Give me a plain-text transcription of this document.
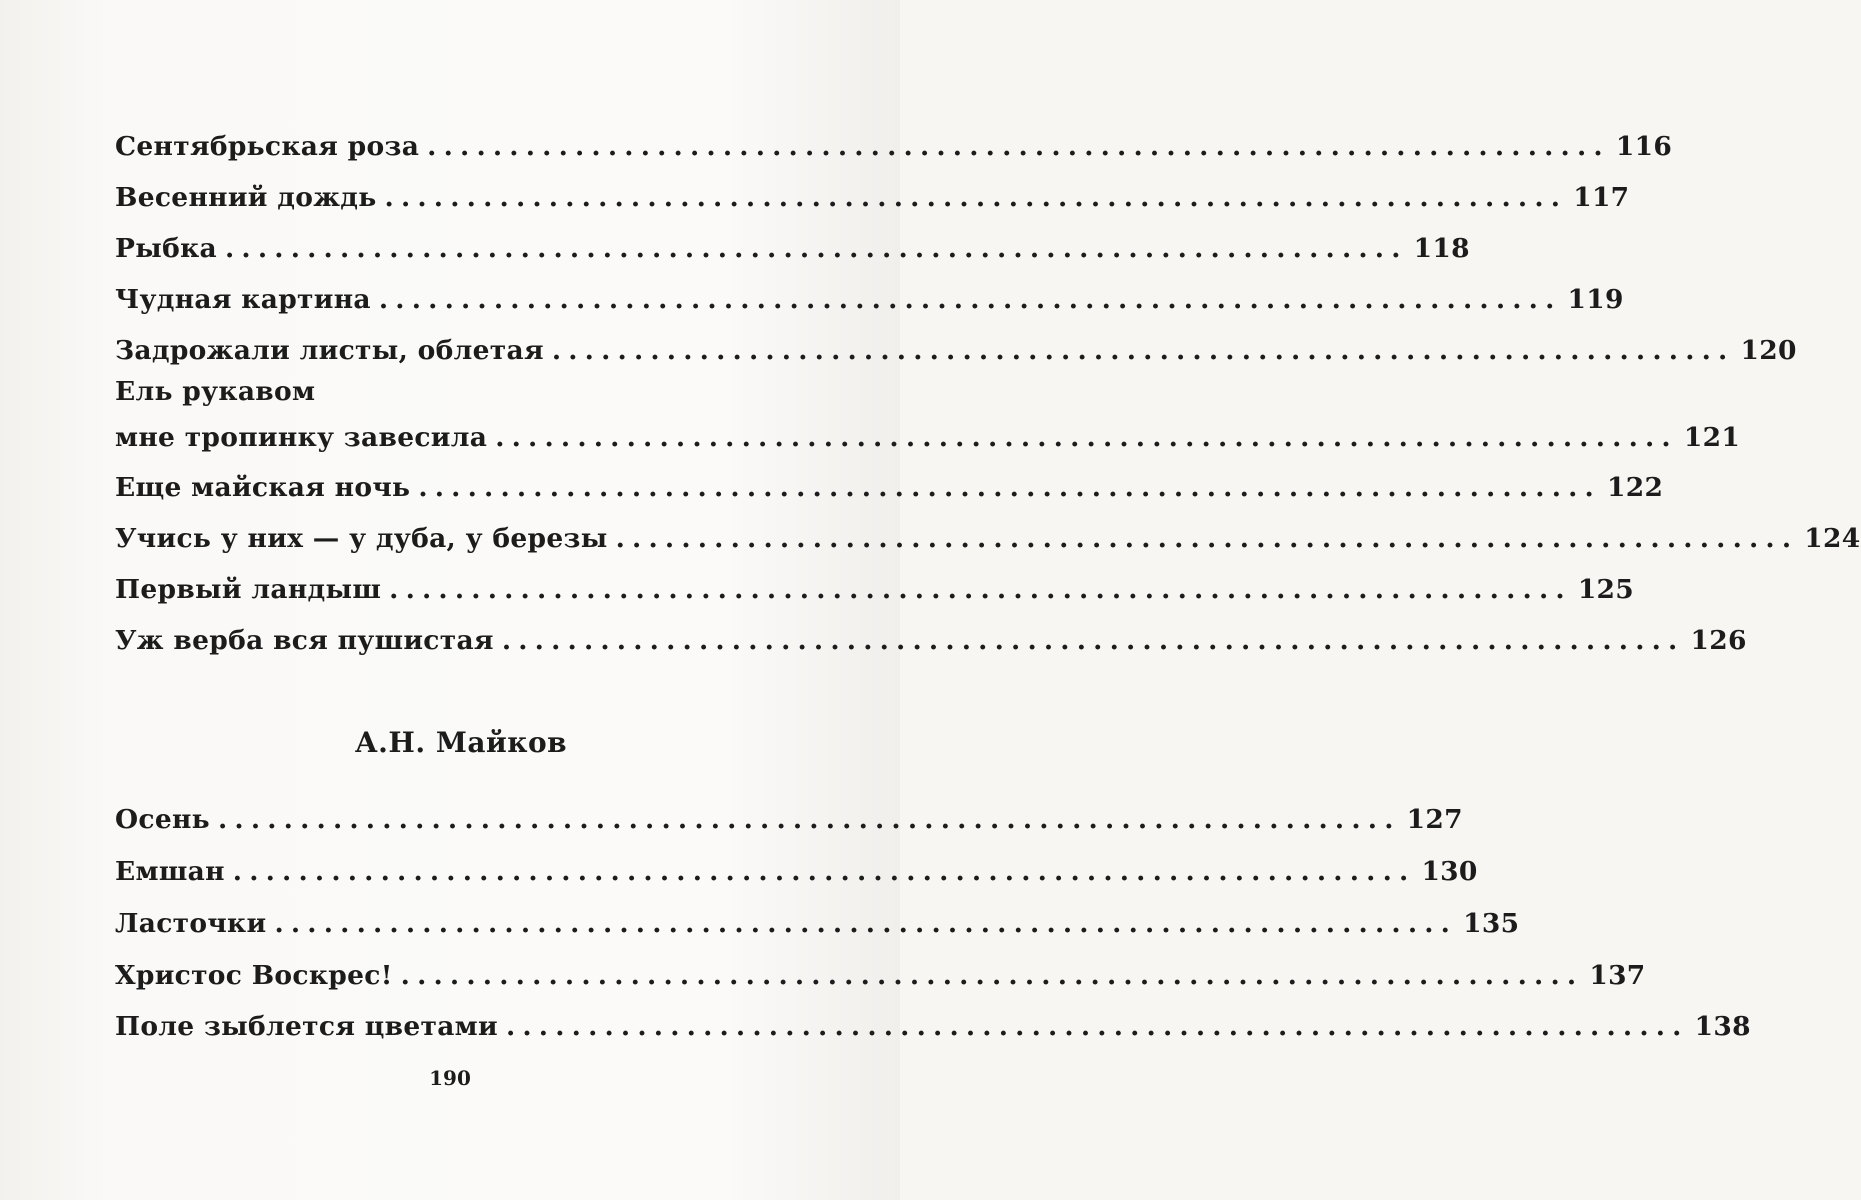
Сентябрьская роза ........................................................................ 116
Весенний дождь ........................................................................ 117
Рыбка ........................................................................ 118
Чудная картина ........................................................................ 119
Задрожали листы, облетая ........................................................................ 120
Ель рукавом
мне тропинку завесила ........................................................................ 121
Еще майская ночь ........................................................................ 122
Учись у них — у дуба, у березы ........................................................................ 124
Первый ландыш ........................................................................ 125
Уж верба вся пушистая ........................................................................ 126
А.Н. Майков
Осень ........................................................................ 127
Емшан ........................................................................ 130
Ласточки ........................................................................ 135
Христос Воскрес! ........................................................................ 137
Поле зыблется цветами ........................................................................ 138
190
